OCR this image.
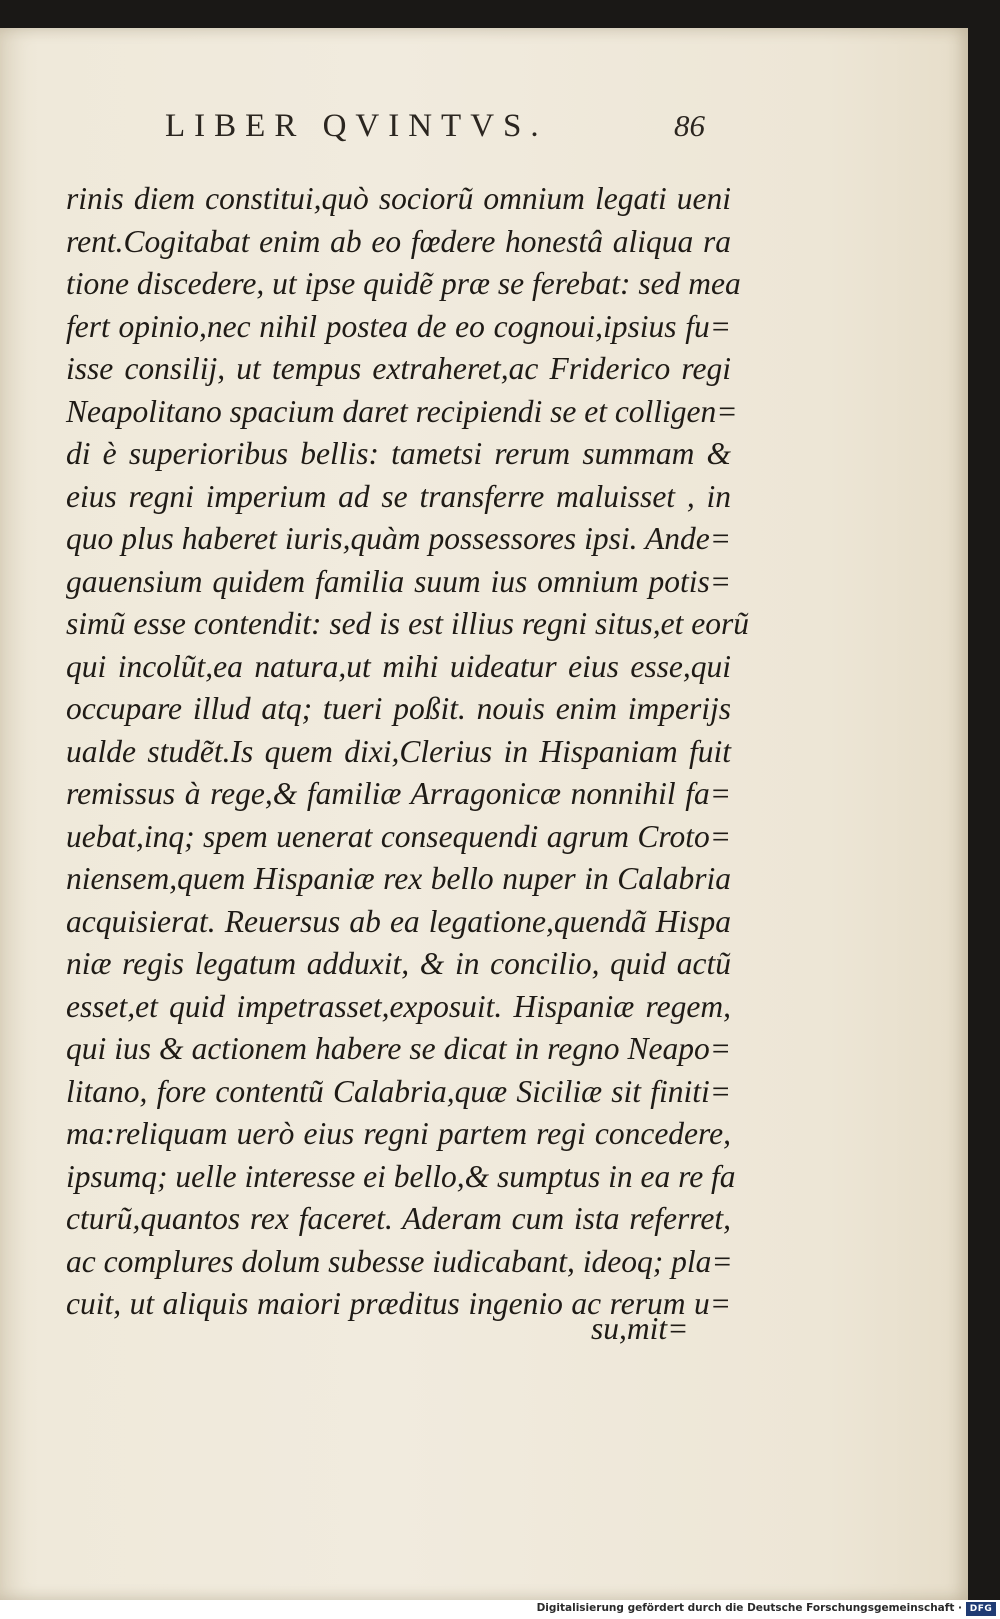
LIBER QVINTVS.	86
rinis diem constitui,quò sociorũ omnium legati ueni
rent.Cogitabat enim ab eo fœdere honestâ aliqua ra
tione discedere, ut ipse quidẽ præ se ferebat: sed mea
fert opinio,nec nihil postea de eo cognoui,ipsius fu=
isse consilij, ut tempus extraheret,ac Friderico regi
Neapolitano spacium daret recipiendi se et colligen=
di è superioribus bellis: tametsi rerum summam &
eius regni imperium ad se transferre maluisset , in
quo plus haberet iuris,quàm possessores ipsi. Ande=
gauensium quidem familia suum ius omnium potis=
simũ esse contendit: sed is est illius regni situs,et eorũ
qui incolũt,ea natura,ut mihi uideatur eius esse,qui
occupare illud atq; tueri poßit. nouis enim imperijs
ualde studẽt.Is quem dixi,Clerius in Hispaniam fuit
remissus à rege,& familiæ Arragonicæ nonnihil fa=
uebat,inq; spem uenerat consequendi agrum Croto=
niensem,quem Hispaniæ rex bello nuper in Calabria
acquisierat. Reuersus ab ea legatione,quendã Hispa
niæ regis legatum adduxit, & in concilio, quid actũ
esset,et quid impetrasset,exposuit. Hispaniæ regem,
qui ius & actionem habere se dicat in regno Neapo=
litano, fore contentũ Calabria,quæ Siciliæ sit finiti=
ma:reliquam uerò eius regni partem regi concedere,
ipsumq; uelle interesse ei bello,& sumptus in ea re fa
cturũ,quantos rex faceret. Aderam cum ista referret,
ac complures dolum subesse iudicabant, ideoq; pla=
cuit, ut aliquis maiori præditus ingenio ac rerum u=
su,mit=
Digitalisierung gefördert durch die Deutsche Forschungsgemeinschaft · DFG
